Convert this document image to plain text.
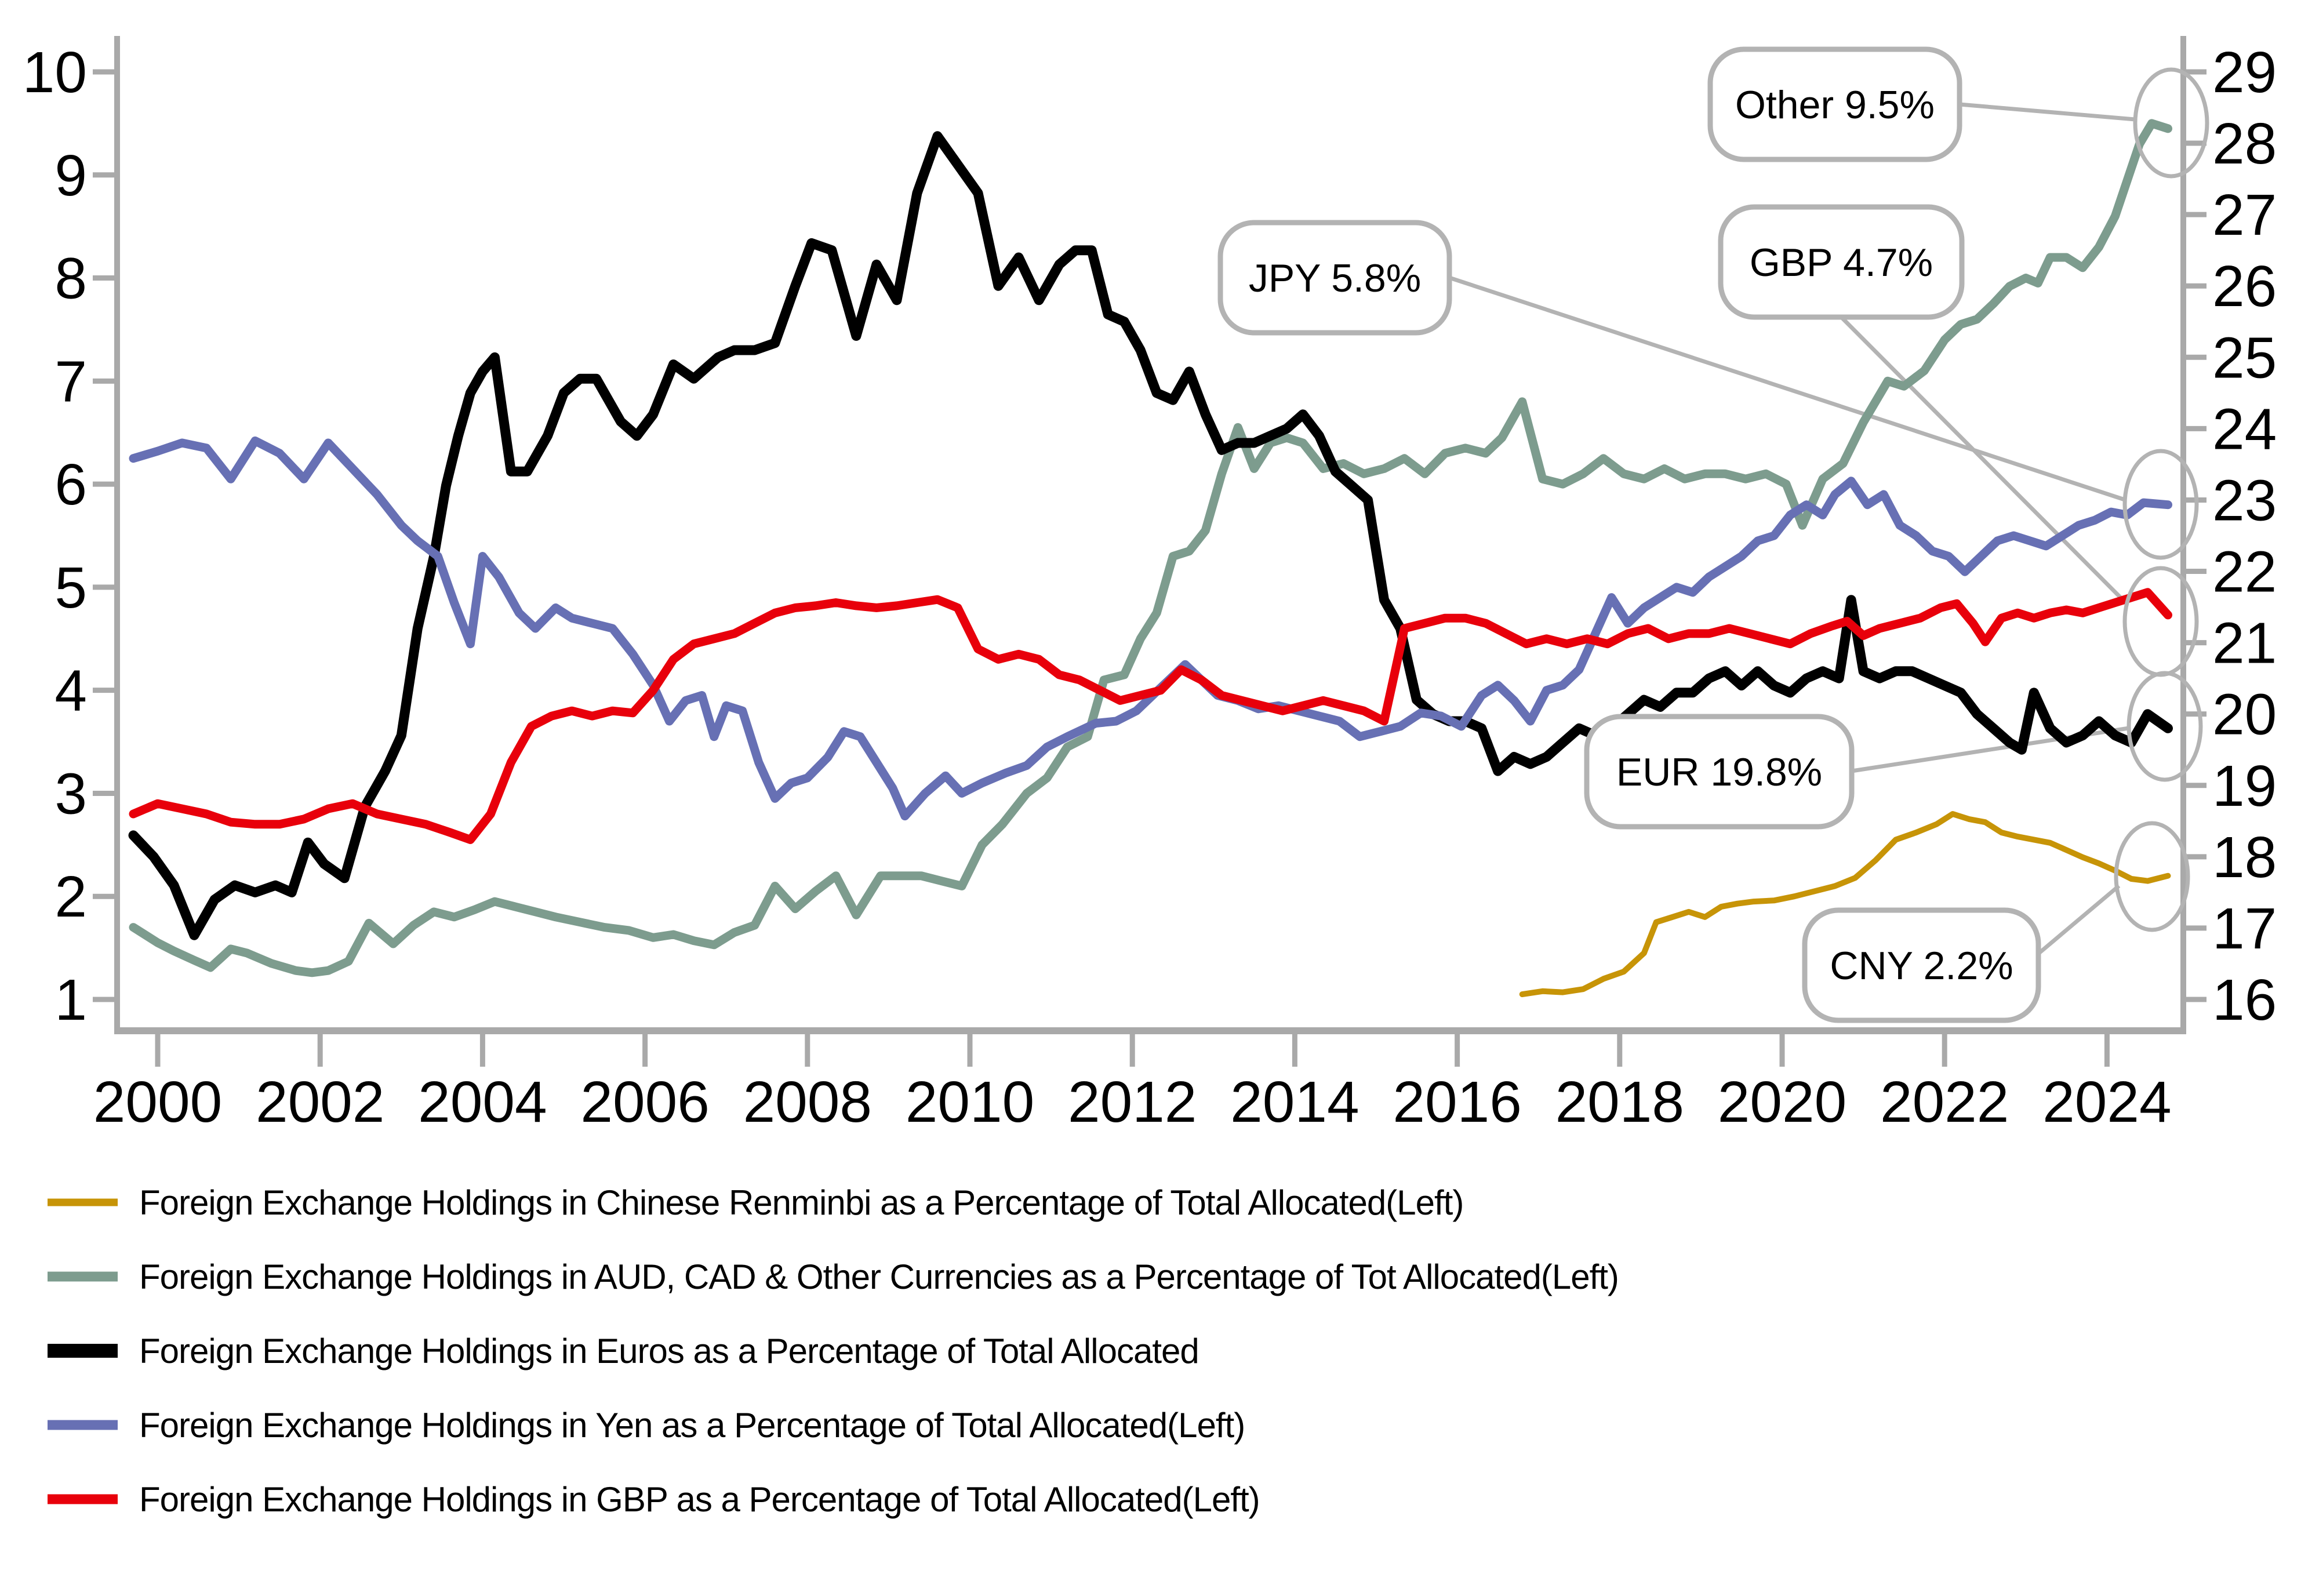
1
2
3
4
5
6
7
8
9
10
16
17
18
19
20
21
22
23
24
25
26
27
28
29
2000 2002 2004 2006 2008 2010 2012 2014 2016 2018 2020 2022 2024
Other 9.5%
JPY 5.8%	GBP 4.7%
EUR 19.8%
CNY 2.2%
Foreign Exchange Holdings in Chinese Renminbi as a Percentage of Total Allocated(Left)
Foreign Exchange Holdings in AUD, CAD & Other Currencies as a Percentage of Tot Allocated(Left)
Foreign Exchange Holdings in Euros as a Percentage of Total Allocated
Foreign Exchange Holdings in Yen as a Percentage of Total Allocated(Left)
Foreign Exchange Holdings in GBP as a Percentage of Total Allocated(Left)
